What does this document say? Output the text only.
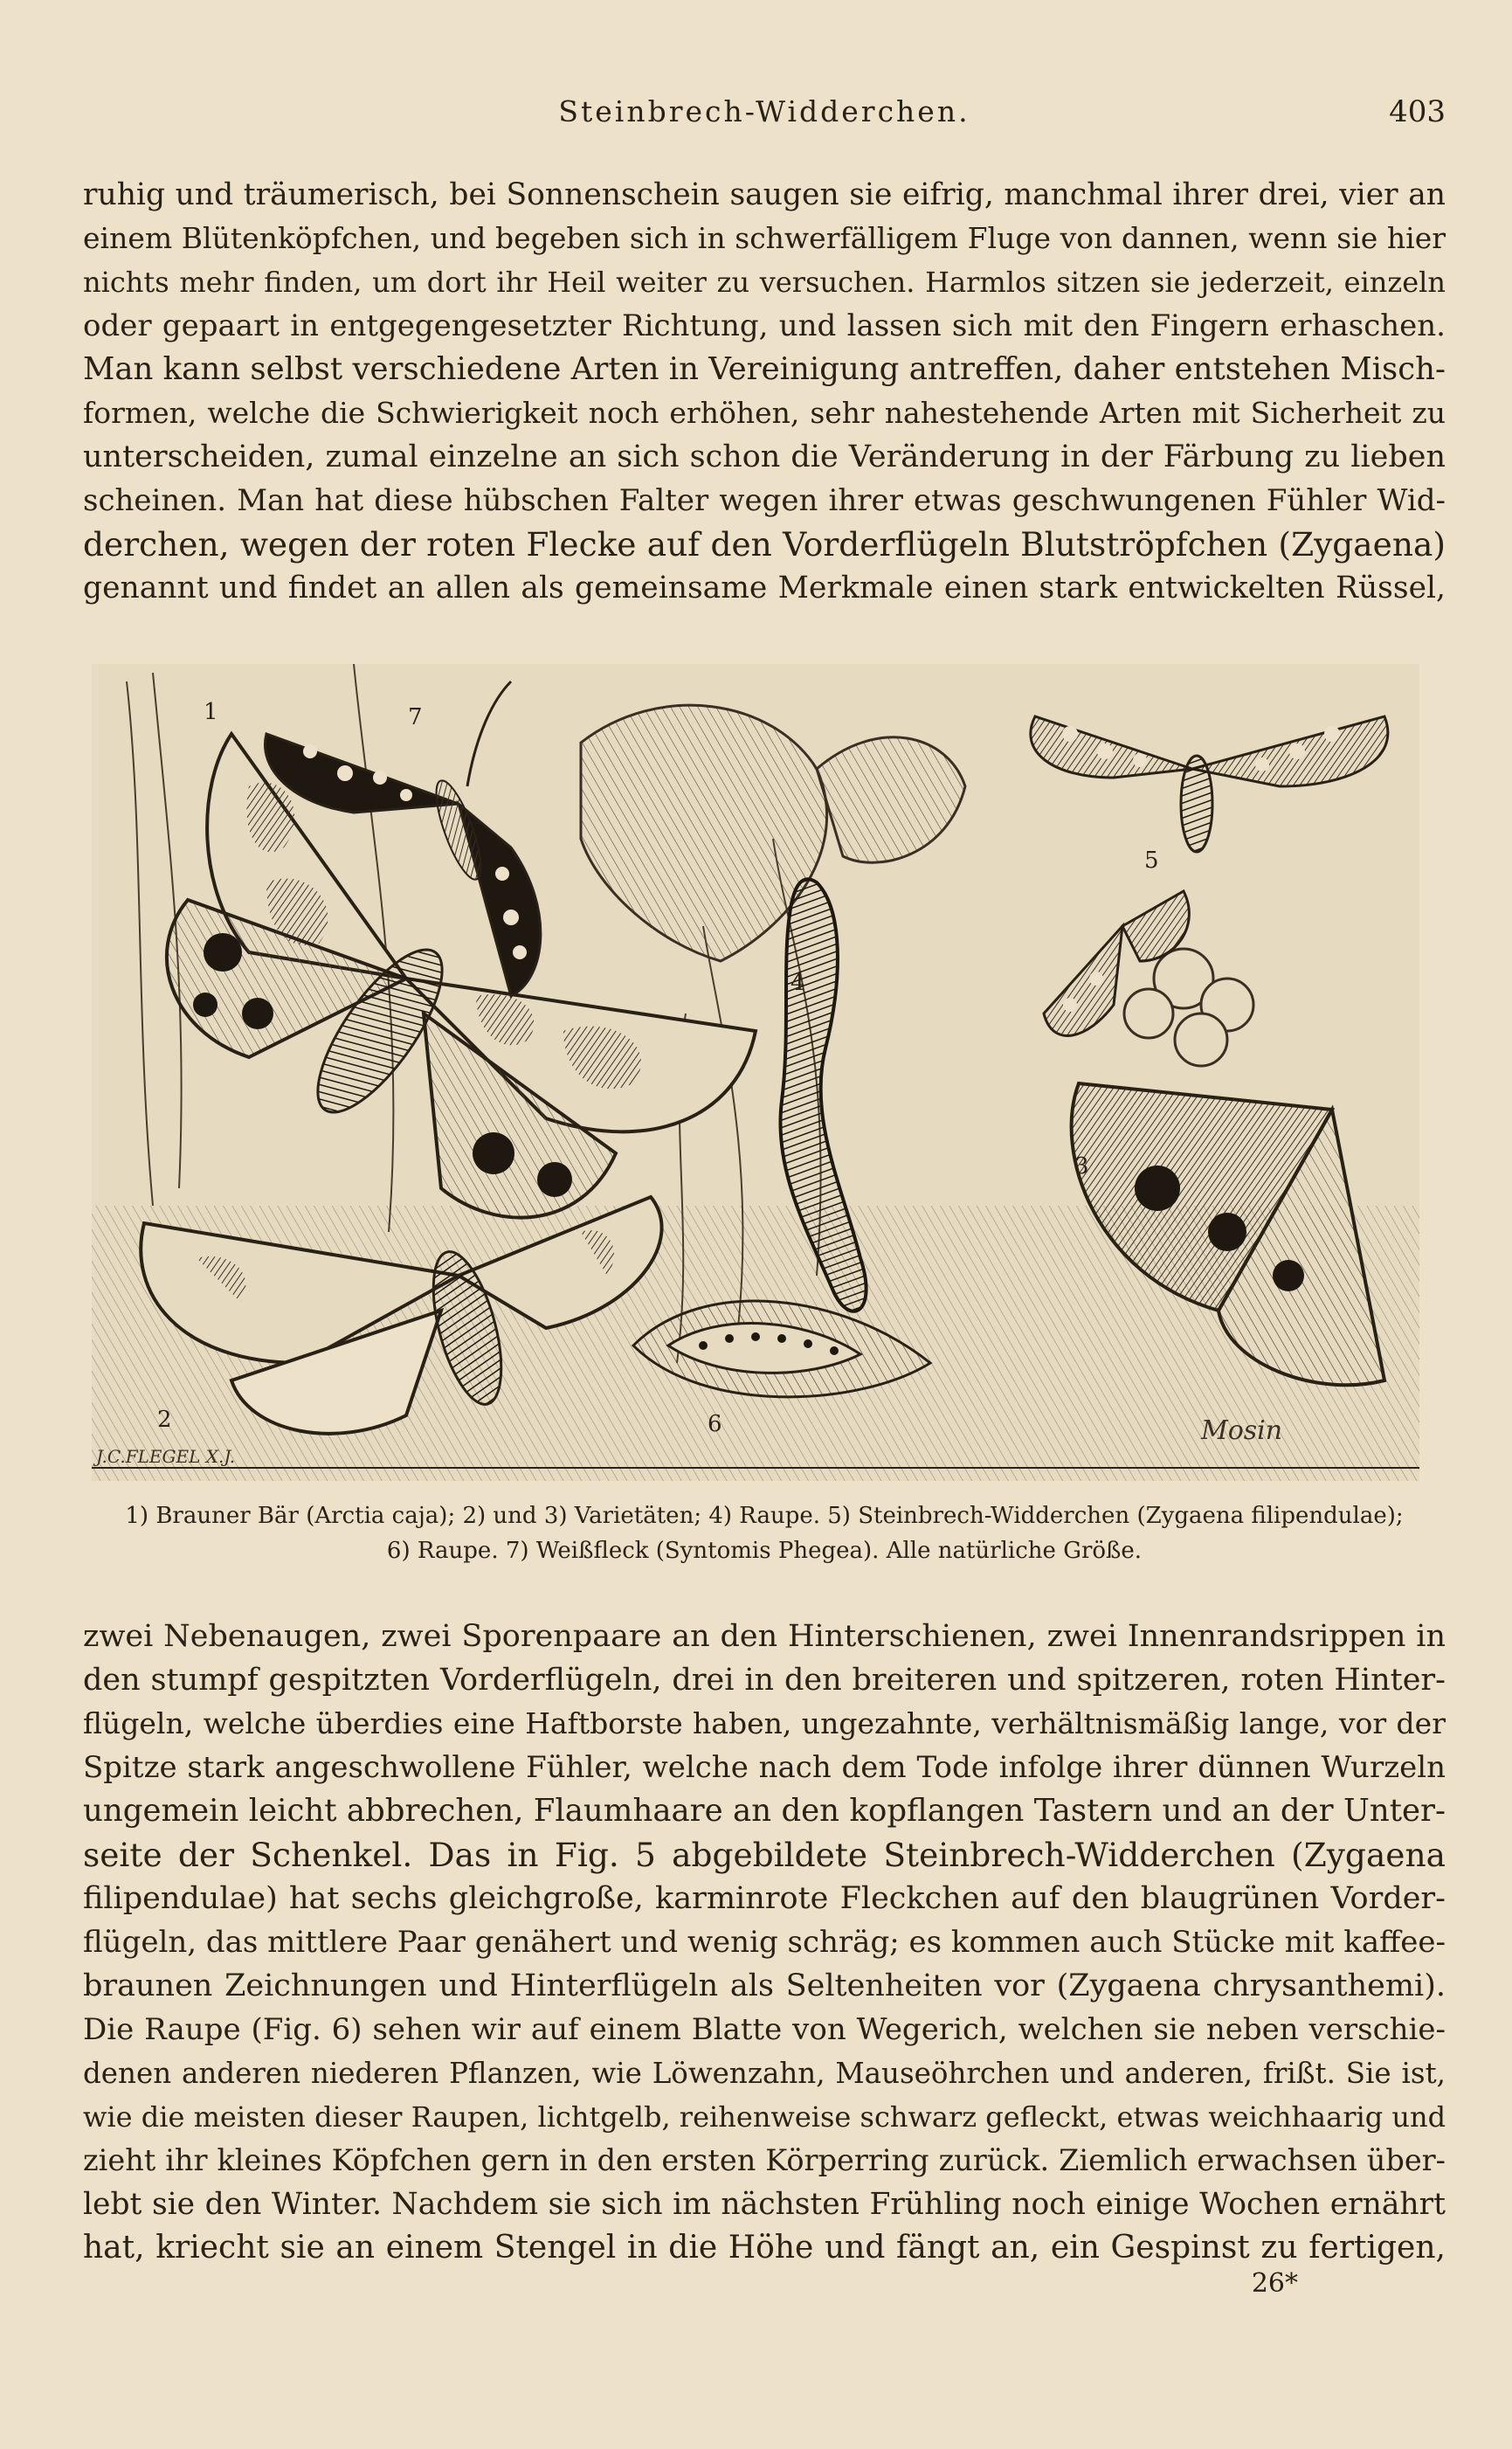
Steinbrech-Widderchen.	403
ruhig und träumerisch, bei Sonnenschein saugen sie eifrig, manchmal ihrer drei, vier an
einem Blütenköpfchen, und begeben sich in schwerfälligem Fluge von dannen, wenn sie hier
nichts mehr finden, um dort ihr Heil weiter zu versuchen. Harmlos sitzen sie jederzeit, einzeln
oder gepaart in entgegengesetzter Richtung, und lassen sich mit den Fingern erhaschen.
Man kann selbst verschiedene Arten in Vereinigung antreffen, daher entstehen Misch-
formen, welche die Schwierigkeit noch erhöhen, sehr nahestehende Arten mit Sicherheit zu
unterscheiden, zumal einzelne an sich schon die Veränderung in der Färbung zu lieben
scheinen. Man hat diese hübschen Falter wegen ihrer etwas geschwungenen Fühler Wid-
derchen, wegen der roten Flecke auf den Vorderflügeln Blutströpfchen (Zygaena)
genannt und findet an allen als gemeinsame Merkmale einen stark entwickelten Rüssel,
1	7
4
5
3
2	6
J.C.FLEGEL X.J.
Mosin
1) Brauner Bär (Arctia caja); 2) und 3) Varietäten; 4) Raupe. 5) Steinbrech-Widderchen (Zygaena filipendulae);
6) Raupe. 7) Weißfleck (Syntomis Phegea). Alle natürliche Größe.
zwei Nebenaugen, zwei Sporenpaare an den Hinterschienen, zwei Innenrandsrippen in
den stumpf gespitzten Vorderflügeln, drei in den breiteren und spitzeren, roten Hinter-
flügeln, welche überdies eine Haftborste haben, ungezahnte, verhältnismäßig lange, vor der
Spitze stark angeschwollene Fühler, welche nach dem Tode infolge ihrer dünnen Wurzeln
ungemein leicht abbrechen, Flaumhaare an den kopflangen Tastern und an der Unter-
seite der Schenkel. Das in Fig. 5 abgebildete Steinbrech-Widderchen (Zygaena
filipendulae) hat sechs gleichgroße, karminrote Fleckchen auf den blaugrünen Vorder-
flügeln, das mittlere Paar genähert und wenig schräg; es kommen auch Stücke mit kaffee-
braunen Zeichnungen und Hinterflügeln als Seltenheiten vor (Zygaena chrysanthemi).
Die Raupe (Fig. 6) sehen wir auf einem Blatte von Wegerich, welchen sie neben verschie-
denen anderen niederen Pflanzen, wie Löwenzahn, Mauseöhrchen und anderen, frißt. Sie ist,
wie die meisten dieser Raupen, lichtgelb, reihenweise schwarz gefleckt, etwas weichhaarig und
zieht ihr kleines Köpfchen gern in den ersten Körperring zurück. Ziemlich erwachsen über-
lebt sie den Winter. Nachdem sie sich im nächsten Frühling noch einige Wochen ernährt
hat, kriecht sie an einem Stengel in die Höhe und fängt an, ein Gespinst zu fertigen,
26*
